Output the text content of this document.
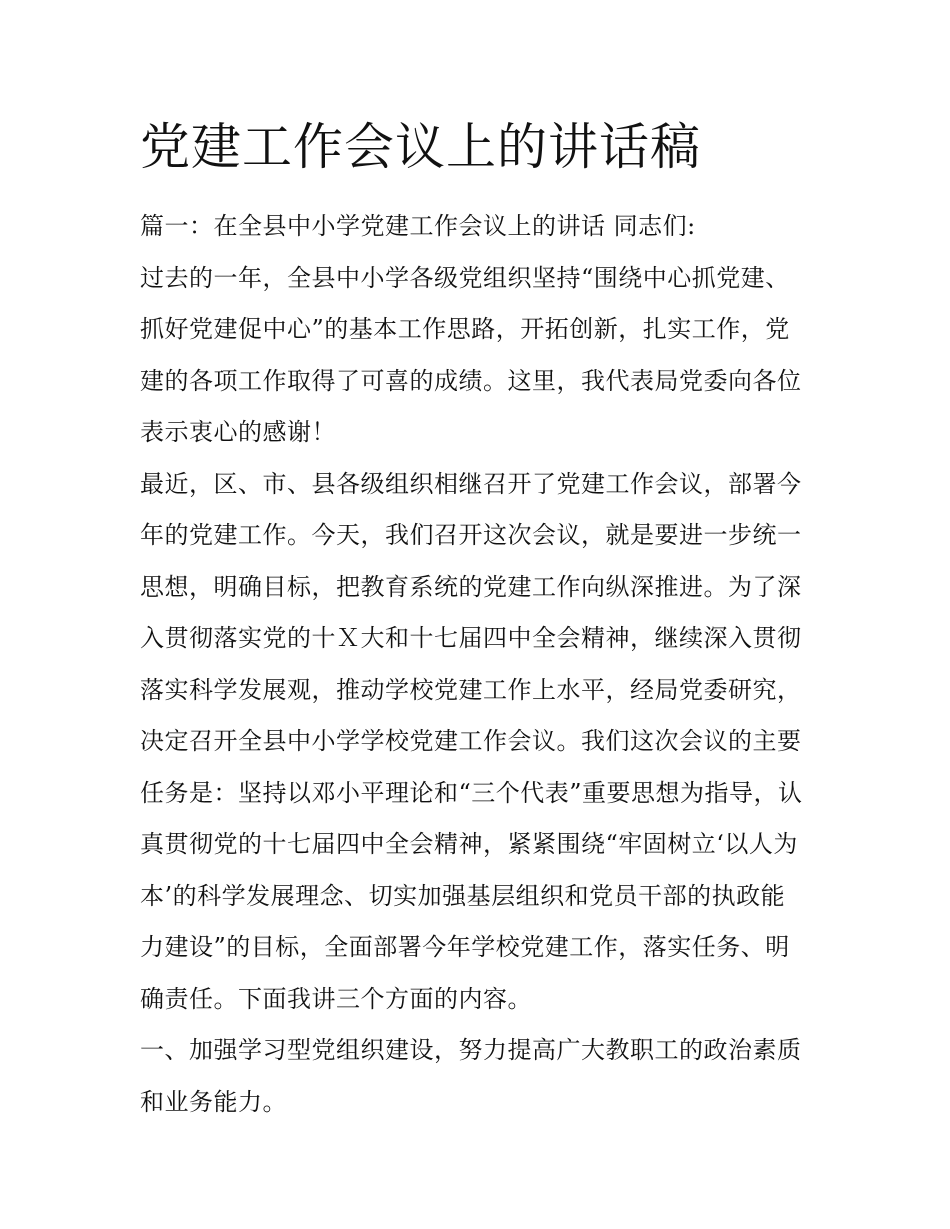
党建工作会议上的讲话稿
篇一：在全县中小学党建工作会议上的讲话 同志们:
过去的一年，全县中小学各级党组织坚持“围绕中心抓党建、
抓好党建促中心”的基本工作思路，开拓创新，扎实工作，党
建的各项工作取得了可喜的成绩。这里，我代表局党委向各位
表示衷心的感谢！
最近，区、市、县各级组织相继召开了党建工作会议，部署今
年的党建工作。今天，我们召开这次会议，就是要进一步统一
思想，明确目标，把教育系统的党建工作向纵深推进。为了深
入贯彻落实党的十Ｘ大和十七届四中全会精神，继续深入贯彻
落实科学发展观，推动学校党建工作上水平，经局党委研究，
决定召开全县中小学学校党建工作会议。我们这次会议的主要
任务是：坚持以邓小平理论和“三个代表”重要思想为指导，认
真贯彻党的十七届四中全会精神，紧紧围绕“牢固树立‘以人为
本’的科学发展理念、切实加强基层组织和党员干部的执政能
力建设”的目标，全面部署今年学校党建工作，落实任务、明
确责任。下面我讲三个方面的内容。
一、加强学习型党组织建设，努力提高广大教职工的政治素质
和业务能力。
